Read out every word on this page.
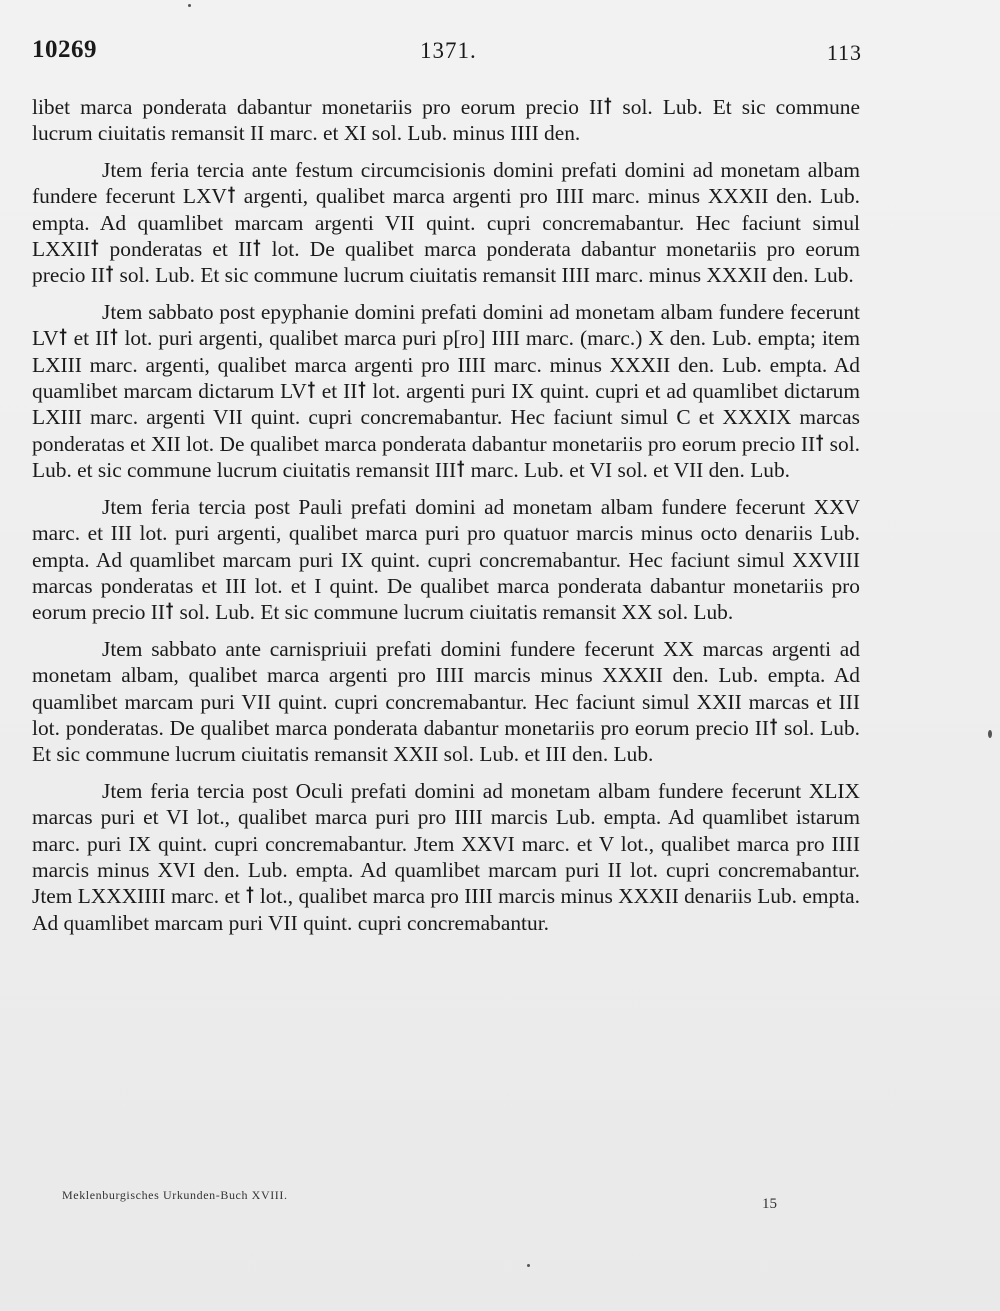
10269	1371.	113

libet marca ponderata dabantur monetariis pro eorum precio IIꝉ sol. Lub. Et sic commune lucrum ciuitatis remansit II marc. et XI sol. Lub. minus IIII den.

Jtem feria tercia ante festum circumcisionis domini prefati domini ad monetam albam fundere fecerunt LXVꝉ argenti, qualibet marca argenti pro IIII marc. minus XXXII den. Lub. empta. Ad quamlibet marcam argenti VII quint. cupri concremabantur. Hec faciunt simul LXXIIꝉ ponderatas et IIꝉ lot. De qualibet marca ponderata dabantur monetariis pro eorum precio IIꝉ sol. Lub. Et sic commune lucrum ciuitatis remansit IIII marc. minus XXXII den. Lub.

Jtem sabbato post epyphanie domini prefati domini ad monetam albam fundere fecerunt LVꝉ et IIꝉ lot. puri argenti, qualibet marca puri p[ro] IIII marc. (marc.) X den. Lub. empta; item LXIII marc. argenti, qualibet marca argenti pro IIII marc. minus XXXII den. Lub. empta. Ad quamlibet marcam dictarum LVꝉ et IIꝉ lot. argenti puri IX quint. cupri et ad quamlibet dictarum LXIII marc. argenti VII quint. cupri concremabantur. Hec faciunt simul C et XXXIX marcas ponderatas et XII lot. De qualibet marca ponderata dabantur monetariis pro eorum precio IIꝉ sol. Lub. et sic commune lucrum ciuitatis remansit IIIꝉ marc. Lub. et VI sol. et VII den. Lub.

Jtem feria tercia post Pauli prefati domini ad monetam albam fundere fecerunt XXV marc. et III lot. puri argenti, qualibet marca puri pro quatuor marcis minus octo denariis Lub. empta. Ad quamlibet marcam puri IX quint. cupri concremabantur. Hec faciunt simul XXVIII marcas ponderatas et III lot. et I quint. De qualibet marca ponderata dabantur monetariis pro eorum precio IIꝉ sol. Lub. Et sic commune lucrum ciuitatis remansit XX sol. Lub.

Jtem sabbato ante carnispriuii prefati domini fundere fecerunt XX marcas argenti ad monetam albam, qualibet marca argenti pro IIII marcis minus XXXII den. Lub. empta. Ad quamlibet marcam puri VII quint. cupri concremabantur. Hec faciunt simul XXII marcas et III lot. ponderatas. De qualibet marca ponderata dabantur monetariis pro eorum precio IIꝉ sol. Lub. Et sic commune lucrum ciuitatis remansit XXII sol. Lub. et III den. Lub.

Jtem feria tercia post Oculi prefati domini ad monetam albam fundere fecerunt XLIX marcas puri et VI lot., qualibet marca puri pro IIII marcis Lub. empta. Ad quamlibet istarum marc. puri IX quint. cupri concremabantur. Jtem XXVI marc. et V lot., qualibet marca pro IIII marcis minus XVI den. Lub. empta. Ad quamlibet marcam puri II lot. cupri concremabantur. Jtem LXXXIIII marc. et ꝉ lot., qualibet marca pro IIII marcis minus XXXII denariis Lub. empta. Ad quamlibet marcam puri VII quint. cupri concremabantur.

Meklenburgisches Urkunden-Buch XVIII.
15
